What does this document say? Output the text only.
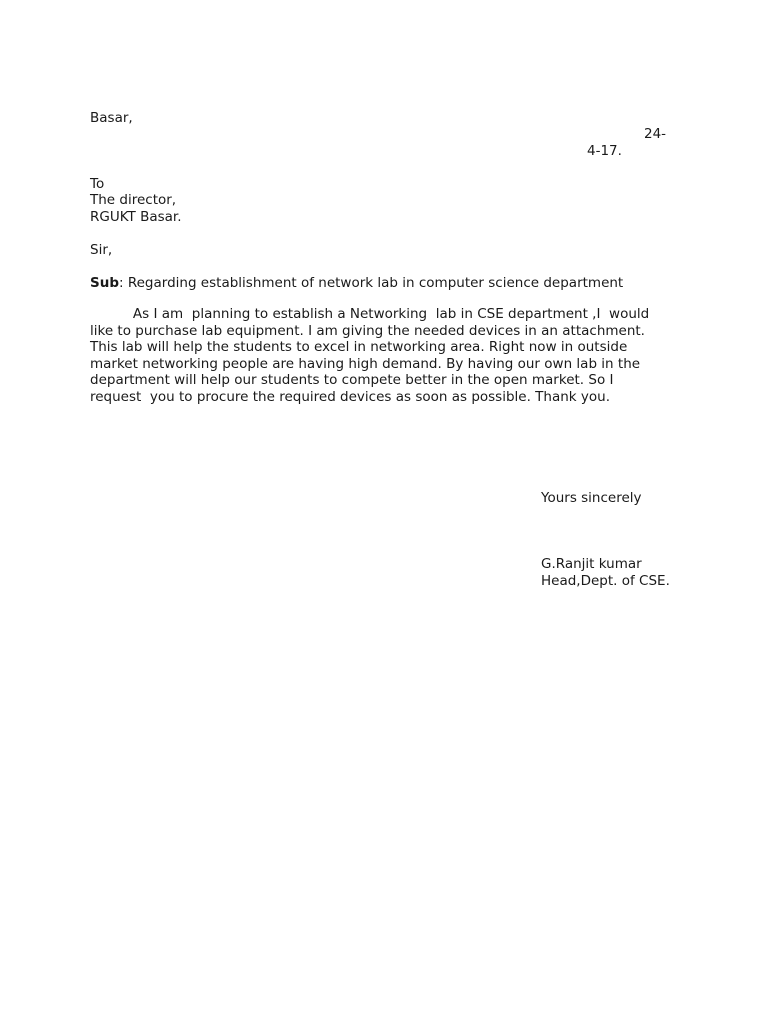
Basar,
24-
4-17.
To
The director,
RGUKT Basar.
Sir,
Sub: Regarding establishment of network lab in computer science department
As I am  planning to establish a Networking  lab in CSE department ,I  would
like to purchase lab equipment. I am giving the needed devices in an attachment.
This lab will help the students to excel in networking area. Right now in outside
market networking people are having high demand. By having our own lab in the
department will help our students to compete better in the open market. So I
request  you to procure the required devices as soon as possible. Thank you.
Yours sincerely
G.Ranjit kumar
Head,Dept. of CSE.
